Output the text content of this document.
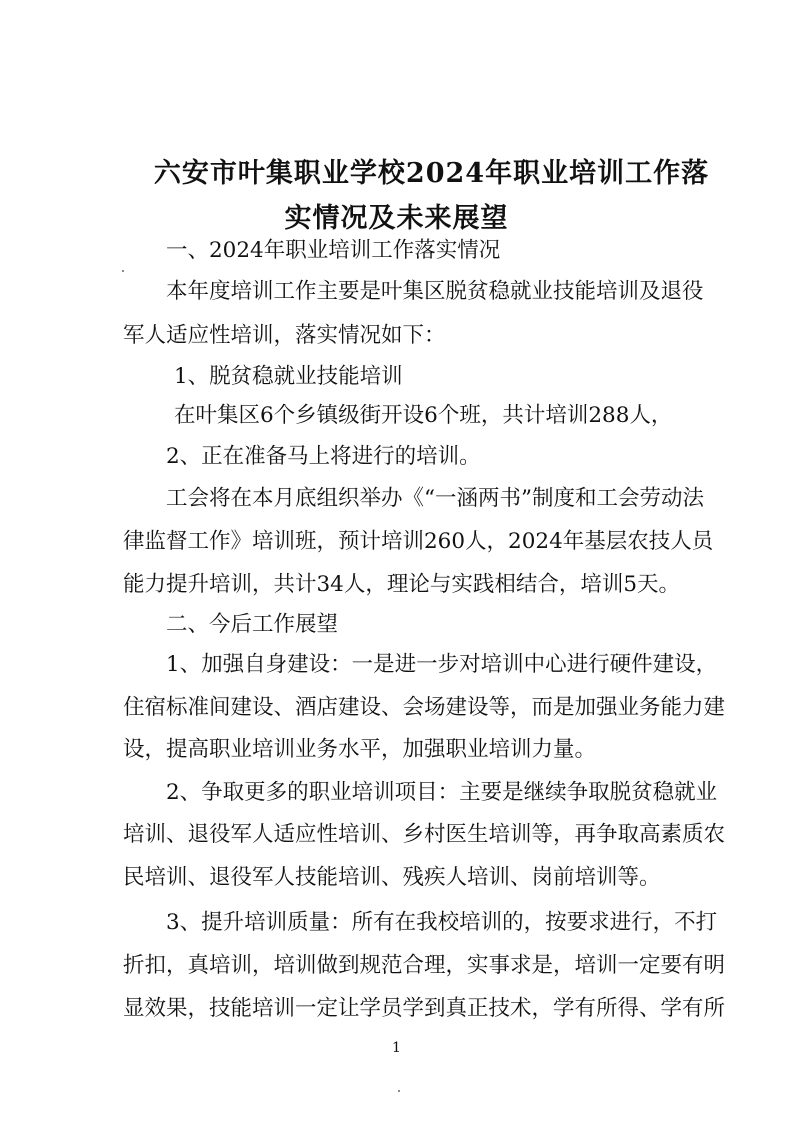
六安市叶集职业学校2024年职业培训工作落
实情况及未来展望
一、2024年职业培训工作落实情况
本年度培训工作主要是叶集区脱贫稳就业技能培训及退役
军人适应性培训，落实情况如下：
1、脱贫稳就业技能培训
在叶集区6个乡镇级街开设6个班，共计培训288人，
2、正在准备马上将进行的培训。
工会将在本月底组织举办《“一涵两书”制度和工会劳动法
律监督工作》培训班，预计培训260人，2024年基层农技人员
能力提升培训，共计34人，理论与实践相结合，培训5天。
二、今后工作展望
1、加强自身建设：一是进一步对培训中心进行硬件建设，
住宿标准间建设、酒店建设、会场建设等，而是加强业务能力建
设，提高职业培训业务水平，加强职业培训力量。
2、争取更多的职业培训项目：主要是继续争取脱贫稳就业
培训、退役军人适应性培训、乡村医生培训等，再争取高素质农
民培训、退役军人技能培训、残疾人培训、岗前培训等。
3、提升培训质量：所有在我校培训的，按要求进行，不打
折扣，真培训，培训做到规范合理，实事求是，培训一定要有明
显效果，技能培训一定让学员学到真正技术，学有所得、学有所
1
